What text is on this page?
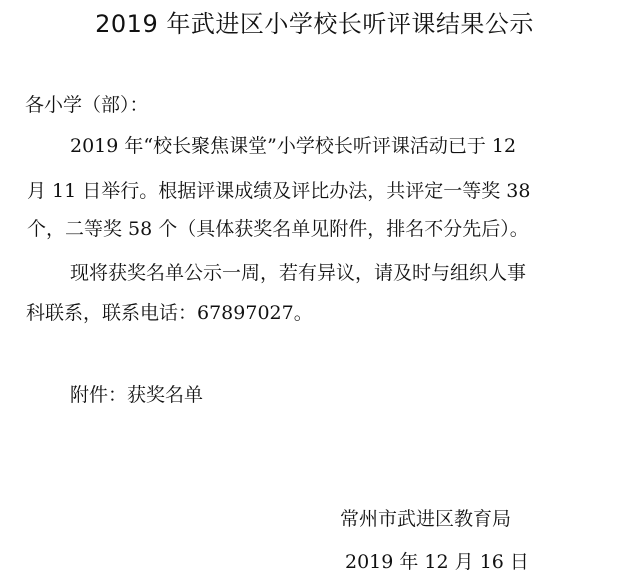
2019 年武进区小学校长听评课结果公示
各小学（部）：
2019 年“校长聚焦课堂”小学校长听评课活动已于 12
月 11 日举行。根据评课成绩及评比办法，共评定一等奖 38
个，二等奖 58 个（具体获奖名单见附件，排名不分先后）。
现将获奖名单公示一周，若有异议，请及时与组织人事
科联系，联系电话：67897027。
附件：获奖名单
常州市武进区教育局
2019 年 12 月 16 日
